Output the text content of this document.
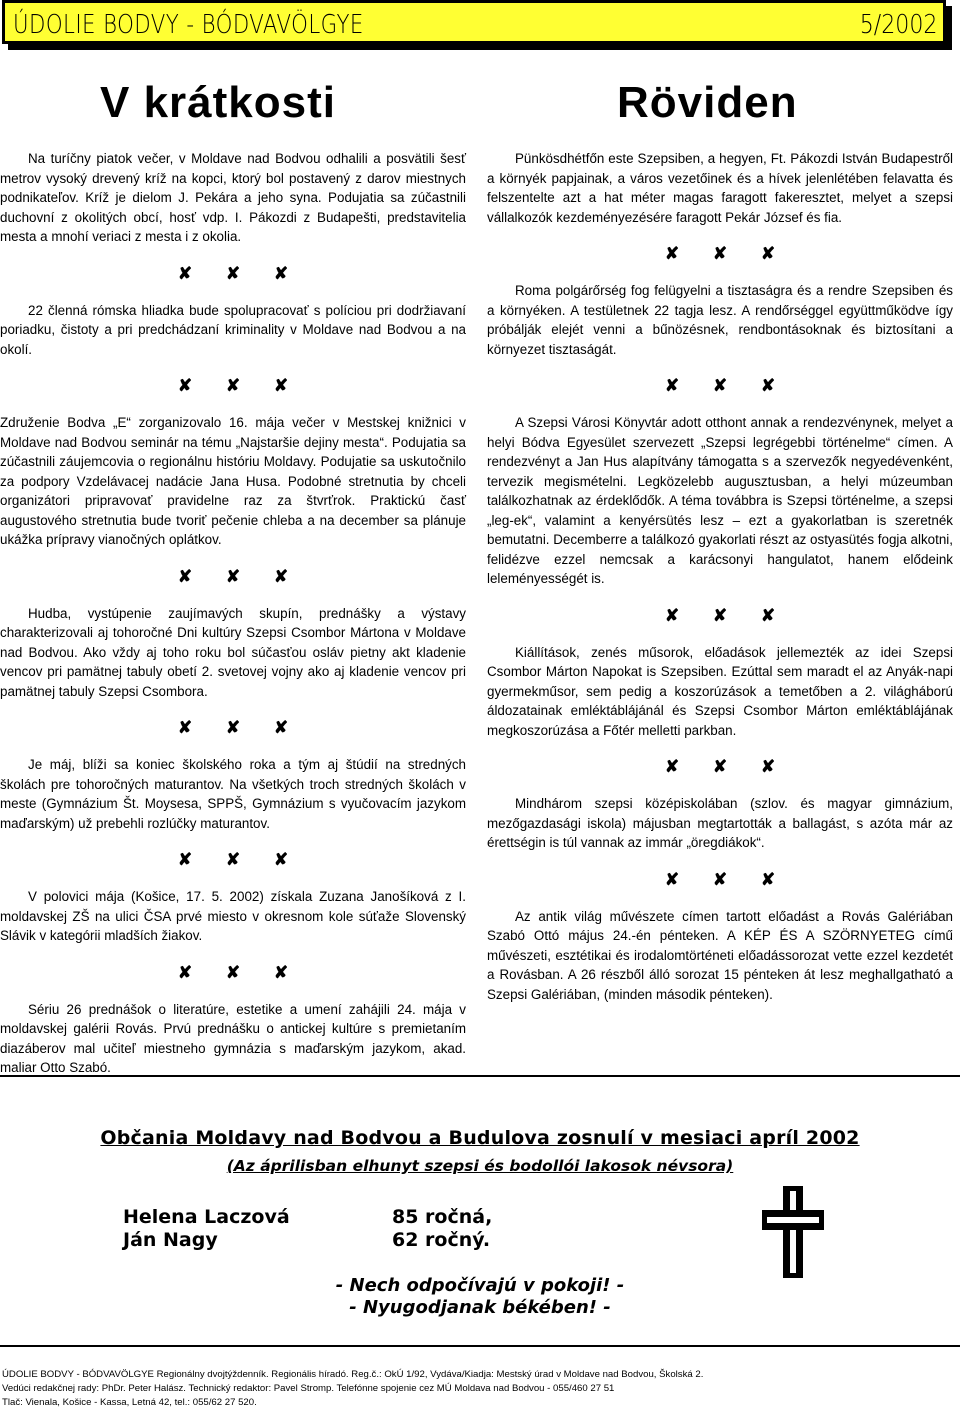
ÚDOLIE BODVY - BÓDVAVÖLGYE	5/2002
V krátkosti	Röviden

Na turíčny piatok večer, v Moldave nad Bodvou odhalili a posvätili šesť metrov vysoký drevený kríž na kopci, ktorý bol postavený z darov miestnych podnikateľov. Kríž je dielom J. Pekára a jeho syna. Podujatia sa zúčastnili duchovní z okolitých obcí, hosť vdp. I. Pákozdi z Budapešti, predstavitelia mesta a mnohí veriaci z mesta i z okolia.

✘ ✘ ✘

22 členná rómska hliadka bude spolupracovať s políciou pri dodržiavaní poriadku, čistoty a pri predchádzaní kriminality v Moldave nad Bodvou a na okolí.

✘ ✘ ✘

Združenie Bodva „E“ zorganizovalo 16. mája večer v Mestskej knižnici v Moldave nad Bodvou seminár na tému „Najstaršie dejiny mesta“. Podujatia sa zúčastnili záujemcovia o regionálnu históriu Moldavy. Podujatie sa uskutočnilo za podpory Vzdelávacej nadácie Jana Husa. Podobné stretnutia by chceli organizátori pripravovať pravidelne raz za štvrťrok. Praktickú časť augustového stretnutia bude tvoriť pečenie chleba a na december sa plánuje ukážka prípravy vianočných oplátkov.

✘ ✘ ✘

Hudba, vystúpenie zaujímavých skupín, prednášky a výstavy charakterizovali aj tohoročné Dni kultúry Szepsi Csombor Mártona v Moldave nad Bodvou. Ako vždy aj toho roku bol súčasťou osláv pietny akt kladenie vencov pri pamätnej tabuly obetí 2. svetovej vojny ako aj kladenie vencov pri pamätnej tabuly Szepsi Csombora.

✘ ✘ ✘

Je máj, blíži sa koniec školského roka a tým aj štúdií na stredných školách pre tohoročných maturantov. Na všetkých troch stredných školách v meste (Gymnázium Št. Moysesa, SPPŠ, Gymnázium s vyučovacím jazykom maďarským) už prebehli rozlúčky maturantov.

✘ ✘ ✘

V polovici mája (Košice, 17. 5. 2002) získala Zuzana Janošíková z I. moldavskej ZŠ na ulici ČSA prvé miesto v okresnom kole súťaže Slovenský Slávik v kategórii mladších žiakov.

✘ ✘ ✘

Sériu 26 prednášok o literatúre, estetike a umení zahájili 24. mája v moldavskej galérii Rovás. Prvú prednášku o antickej kultúre s premietaním diazáberov mal učiteľ miestneho gymnázia s maďarským jazykom, akad. maliar Otto Szabó.

Pünkösdhétfőn este Szepsiben, a hegyen, Ft. Pákozdi István Budapestről a környék papjainak, a város vezetőinek és a hívek jelenlétében felavatta és felszentelte azt a hat méter magas faragott fakeresztet, melyet a szepsi vállalkozók kezdeményezésére faragott Pekár József és fia.

✘ ✘ ✘

Roma polgárőrség fog felügyelni a tisztaságra és a rendre Szepsiben és a környéken. A testületnek 22 tagja lesz. A rendőrséggel együttműködve így próbálják elejét venni a bűnözésnek, rendbontásoknak és biztosítani a környezet tisztaságát.

✘ ✘ ✘

A Szepsi Városi Könyvtár adott otthont annak a rendezvénynek, melyet a helyi Bódva Egyesület szervezett „Szepsi legrégebbi történelme“ címen. A rendezvényt a Jan Hus alapítvány támogatta s a szervezők negyedévenként, tervezik megismételni. Legközelebb augusztusban, a helyi múzeumban találkozhatnak az érdeklődők. A téma továbbra is Szepsi történelme, a szepsi „leg-ek“, valamint a kenyérsütés lesz – ezt a gyakorlatban is szeretnék bemutatni. Decemberre a találkozó gyakorlati részt az ostyasütés fogja alkotni, felidézve ezzel nemcsak a karácsonyi hangulatot, hanem elődeink leleményességét is.

✘ ✘ ✘

Kiállítások, zenés műsorok, előadások jellemezték az idei Szepsi Csombor Márton Napokat is Szepsiben. Ezúttal sem maradt el az Anyák-napi gyermekműsor, sem pedig a koszorúzások a temetőben a 2. világháború áldozatainak emléktáblájánál és Szepsi Csombor Márton emléktáblájának megkoszorúzása a Főtér melletti parkban.

✘ ✘ ✘

Mindhárom szepsi középiskolában (szlov. és magyar gimnázium, mezőgazdasági iskola) májusban megtartották a ballagást, s azóta már az érettségin is túl vannak az immár „öregdiákok“.

✘ ✘ ✘

Az antik világ művészete címen tartott előadást a Rovás Galériában Szabó Ottó május 24.-én pénteken. A KÉP ÉS A SZÖRNYETEG című művészeti, esztétikai és irodalomtörténeti előadássorozat vette ezzel kezdetét a Rovásban. A 26 részből álló sorozat 15 pénteken át lesz meghallgatható a Szepsi Galériában, (minden második pénteken).

Občania Moldavy nad Bodvou a Budulova zosnulí v mesiaci apríl 2002
(Az áprilisban elhunyt szepsi és bodollói lakosok névsora)
Helena Laczová	85 ročná,
Ján Nagy	62 ročný.
- Nech odpočívajú v pokoji! -
- Nyugodjanak békében! -
ÚDOLIE BODVY - BÓDVAVÖLGYE Regionálny dvojtýždenník. Regionális híradó. Reg.č.: OkÚ 1/92, Vydáva/Kiadja: Mestský úrad v Moldave nad Bodvou, Školská 2.
Vedúci redakčnej rady: PhDr. Peter Halász. Technický redaktor: Pavel Stromp. Telefónne spojenie cez MÚ Moldava nad Bodvou - 055/460 27 51
Tlač: Vienala, Košice - Kassa, Letná 42, tel.: 055/62 27 520.
